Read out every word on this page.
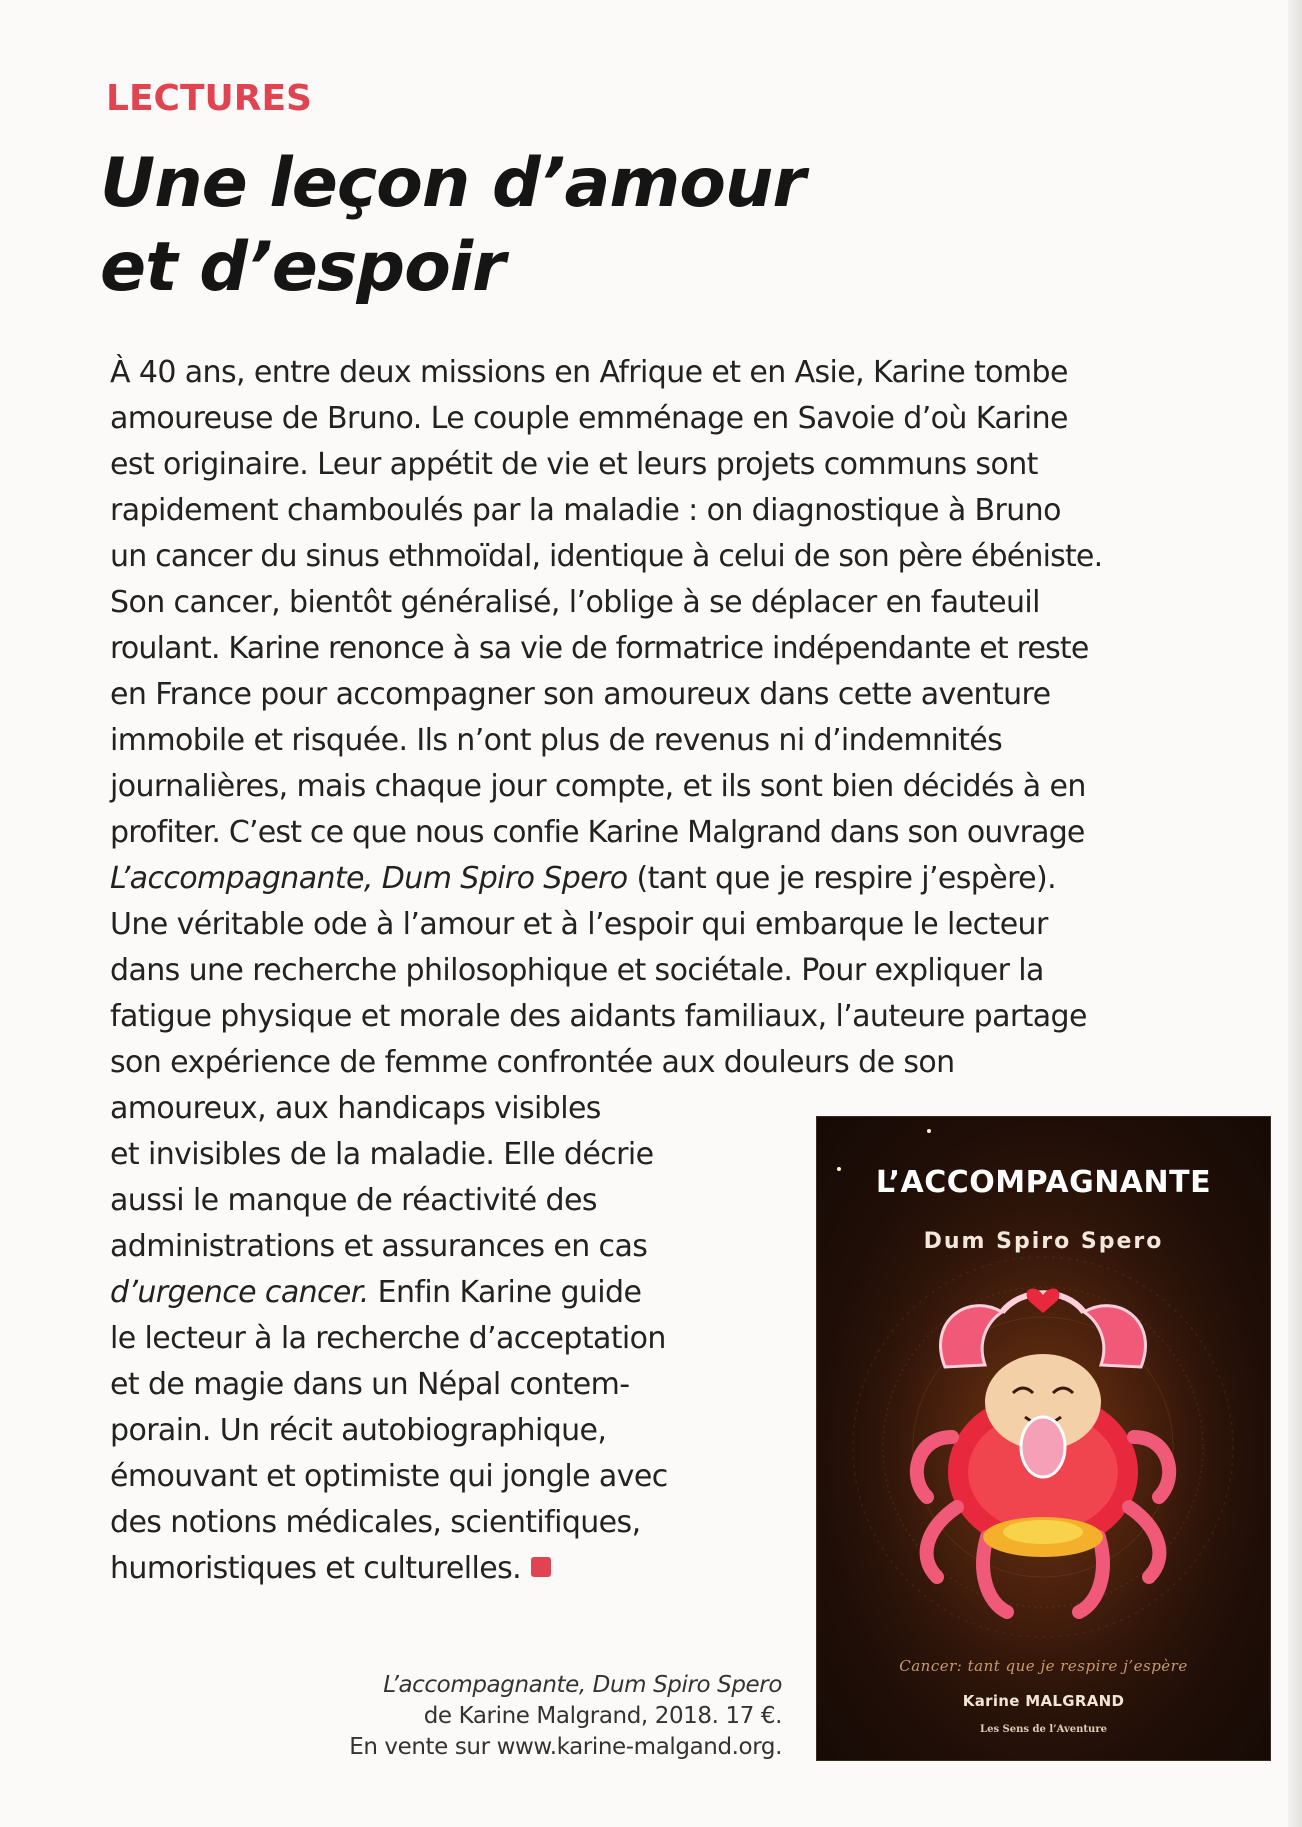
LECTURES
Une leçon d’amour
et d’espoir
À 40 ans, entre deux missions en Afrique et en Asie, Karine tombe
amoureuse de Bruno. Le couple emménage en Savoie d’où Karine
est originaire. Leur appétit de vie et leurs projets communs sont
rapidement chamboulés par la maladie : on diagnostique à Bruno
un cancer du sinus ethmoïdal, identique à celui de son père ébéniste.
Son cancer, bientôt généralisé, l’oblige à se déplacer en fauteuil
roulant. Karine renonce à sa vie de formatrice indépendante et reste
en France pour accompagner son amoureux dans cette aventure
immobile et risquée. Ils n’ont plus de revenus ni d’indemnités
journalières, mais chaque jour compte, et ils sont bien décidés à en
profiter. C’est ce que nous confie Karine Malgrand dans son ouvrage
L’accompagnante, Dum Spiro Spero (tant que je respire j’espère).
Une véritable ode à l’amour et à l’espoir qui embarque le lecteur
dans une recherche philosophique et sociétale. Pour expliquer la
fatigue physique et morale des aidants familiaux, l’auteure partage
son expérience de femme confrontée aux douleurs de son
amoureux, aux handicaps visibles
et invisibles de la maladie. Elle décrie
aussi le manque de réactivité des
administrations et assurances en cas
d’urgence cancer. Enfin Karine guide
le lecteur à la recherche d’acceptation
et de magie dans un Népal contem-
porain. Un récit autobiographique,
émouvant et optimiste qui jongle avec
des notions médicales, scientifiques,
humoristiques et culturelles.
L’accompagnante, Dum Spiro Spero
de Karine Malgrand, 2018. 17 €.
En vente sur www.karine-malgand.org.
L’ACCOMPAGNANTE
Dum Spiro Spero
Cancer: tant que je respire j’espère
Karine MALGRAND
Les Sens de l’Aventure
